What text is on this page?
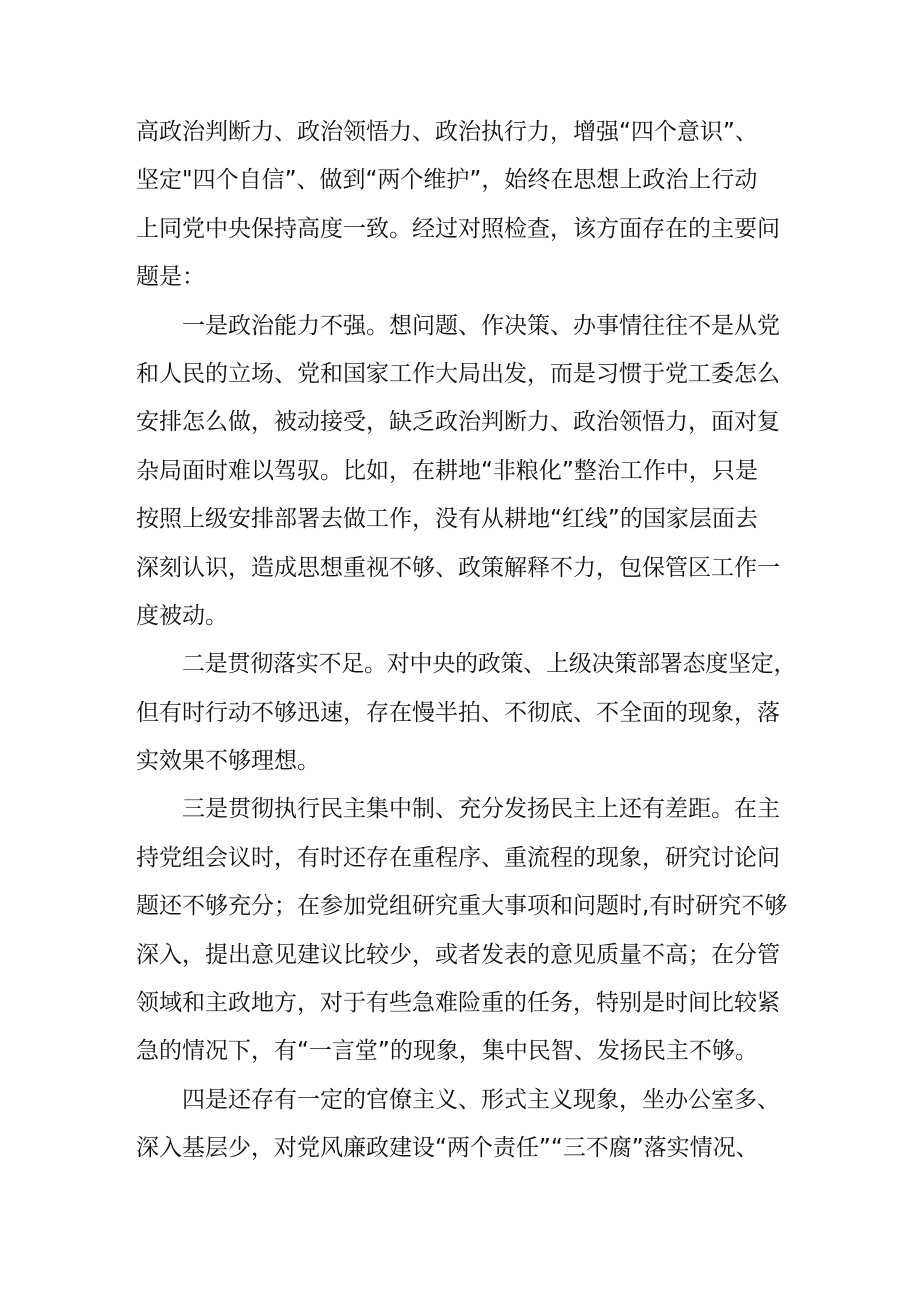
高政治判断力、政治领悟力、政治执行力，增强“四个意识”、
坚定"四个自信”、做到“两个维护”，始终在思想上政治上行动
上同党中央保持高度一致。经过对照检查，该方面存在的主要问
题是：
一是政治能力不强。想问题、作决策、办事情往往不是从党
和人民的立场、党和国家工作大局出发，而是习惯于党工委怎么
安排怎么做，被动接受，缺乏政治判断力、政治领悟力，面对复
杂局面时难以驾驭。比如，在耕地“非粮化”整治工作中，只是
按照上级安排部署去做工作，没有从耕地“红线”的国家层面去
深刻认识，造成思想重视不够、政策解释不力，包保管区工作一
度被动。
二是贯彻落实不足。对中央的政策、上级决策部署态度坚定，
但有时行动不够迅速，存在慢半拍、不彻底、不全面的现象，落
实效果不够理想。
三是贯彻执行民主集中制、充分发扬民主上还有差距。在主
持党组会议时，有时还存在重程序、重流程的现象，研究讨论问
题还不够充分；在参加党组研究重大事项和问题时,有时研究不够
深入，提出意见建议比较少，或者发表的意见质量不高；在分管
领域和主政地方，对于有些急难险重的任务，特别是时间比较紧
急的情况下，有“一言堂”的现象，集中民智、发扬民主不够。
四是还存有一定的官僚主义、形式主义现象，坐办公室多、
深入基层少，对党风廉政建设“两个责任”“三不腐”落实情况、
